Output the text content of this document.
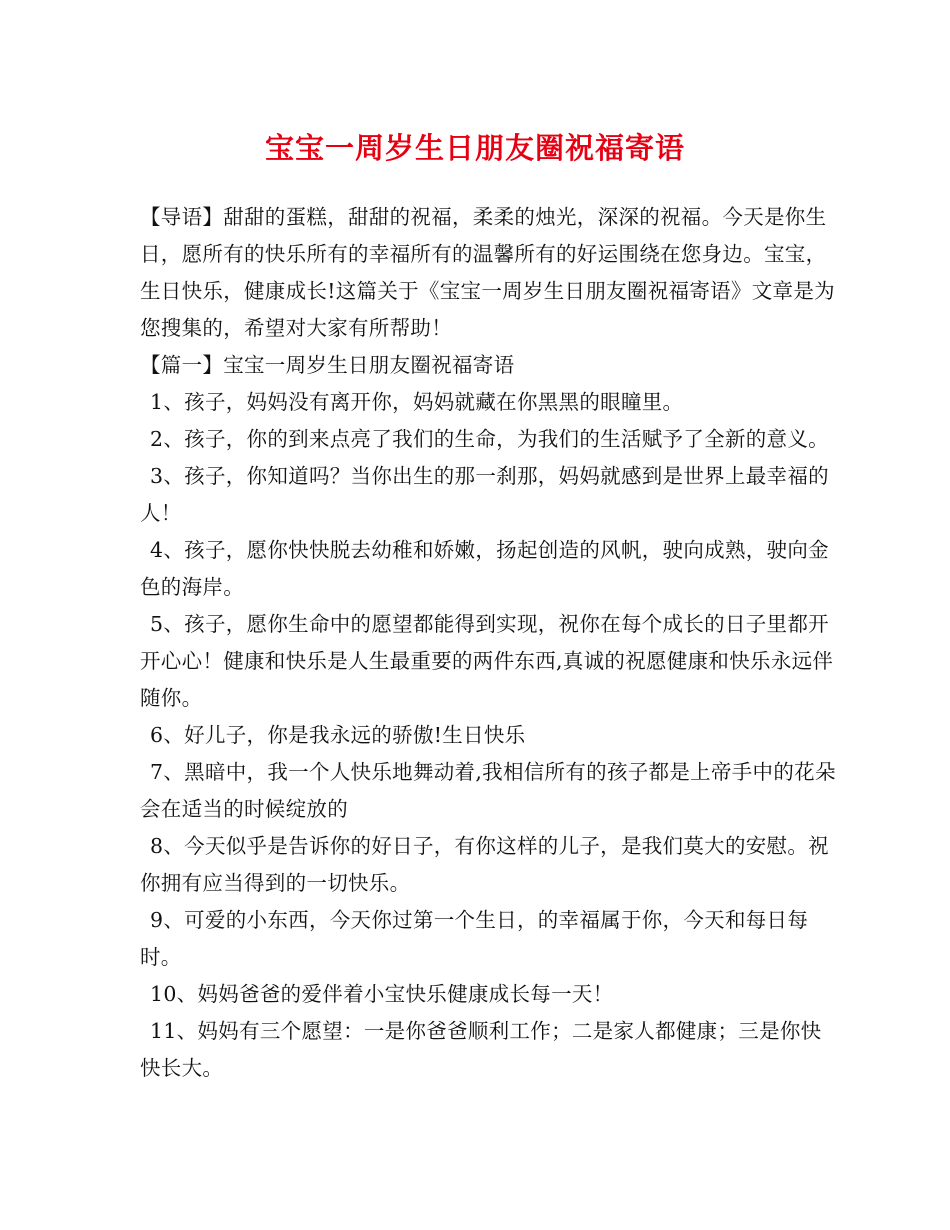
宝宝一周岁生日朋友圈祝福寄语

【导语】甜甜的蛋糕，甜甜的祝福，柔柔的烛光，深深的祝福。今天是你生日，愿所有的快乐所有的幸福所有的温馨所有的好运围绕在您身边。宝宝，生日快乐，健康成长!这篇关于《宝宝一周岁生日朋友圈祝福寄语》文章是为您搜集的，希望对大家有所帮助！

【篇一】宝宝一周岁生日朋友圈祝福寄语

1、孩子，妈妈没有离开你，妈妈就藏在你黑黑的眼瞳里。

2、孩子，你的到来点亮了我们的生命，为我们的生活赋予了全新的意义。

3、孩子，你知道吗？当你出生的那一刹那，妈妈就感到是世界上最幸福的人！

4、孩子，愿你快快脱去幼稚和娇嫩，扬起创造的风帆，驶向成熟，驶向金色的海岸。

5、孩子，愿你生命中的愿望都能得到实现，祝你在每个成长的日子里都开开心心！健康和快乐是人生最重要的两件东西,真诚的祝愿健康和快乐永远伴随你。

6、好儿子，你是我永远的骄傲!生日快乐

7、黑暗中，我一个人快乐地舞动着,我相信所有的孩子都是上帝手中的花朵会在适当的时候绽放的

8、今天似乎是告诉你的好日子，有你这样的儿子，是我们莫大的安慰。祝你拥有应当得到的一切快乐。

9、可爱的小东西，今天你过第一个生日，的幸福属于你，今天和每日每时。

10、妈妈爸爸的爱伴着小宝快乐健康成长每一天！

11、妈妈有三个愿望：一是你爸爸顺利工作；二是家人都健康；三是你快快长大。
